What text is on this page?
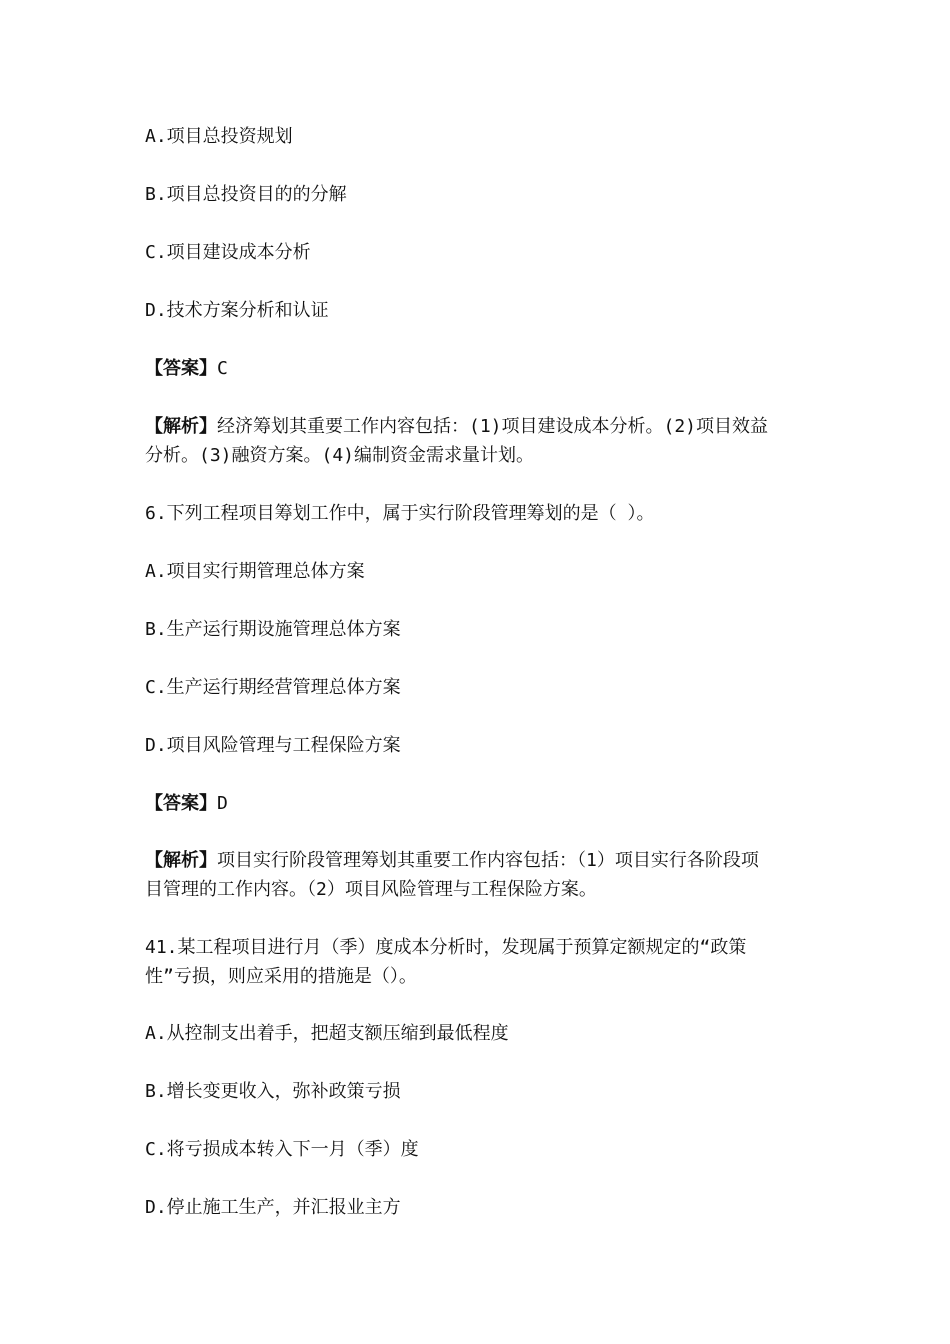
A.项目总投资规划

B.项目总投资目的的分解

C.项目建设成本分析

D.技术方案分析和认证

【答案】C

【解析】经济筹划其重要工作内容包括：(1)项目建设成本分析。(2)项目效益

分析。(3)融资方案。(4)编制资金需求量计划。

6.下列工程项目筹划工作中，属于实行阶段管理筹划的是（ ）。

A.项目实行期管理总体方案

B.生产运行期设施管理总体方案

C.生产运行期经营管理总体方案

D.项目风险管理与工程保险方案

【答案】D

【解析】项目实行阶段管理筹划其重要工作内容包括：（1）项目实行各阶段项

目管理的工作内容。（2）项目风险管理与工程保险方案。

41.某工程项目进行月（季）度成本分析时，发现属于预算定额规定的“政策

性”亏损，则应采用的措施是（）。

A.从控制支出着手，把超支额压缩到最低程度

B.增长变更收入，弥补政策亏损

C.将亏损成本转入下一月（季）度

D.停止施工生产，并汇报业主方
